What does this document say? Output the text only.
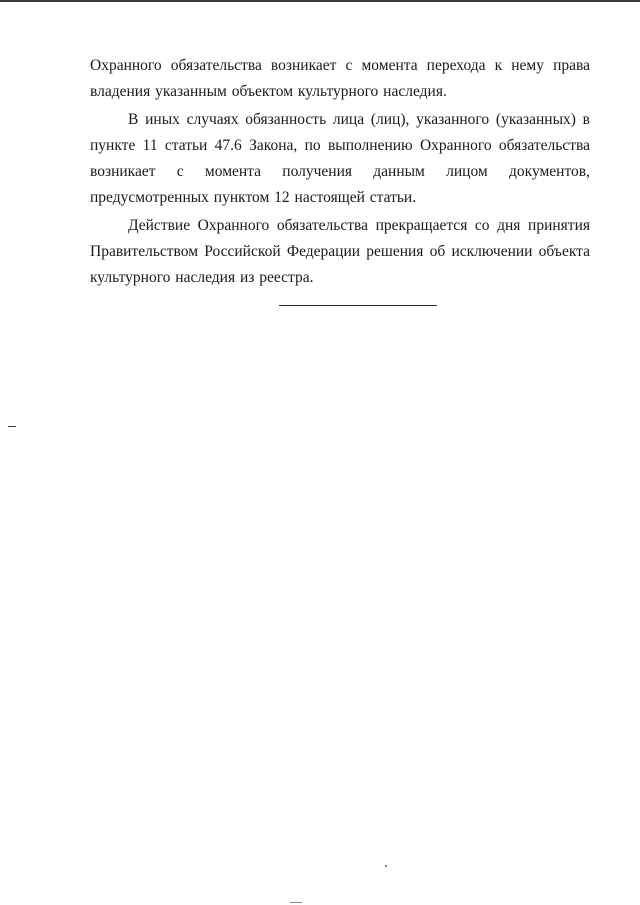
Охранного обязательства возникает с момента перехода к нему права владения указанным объектом культурного наследия.

В иных случаях обязанность лица (лиц), указанного (указанных) в пункте 11 статьи 47.6 Закона, по выполнению Охранного обязательства возникает с момента получения данным лицом документов, предусмотренных пунктом 12 настоящей статьи.

Действие Охранного обязательства прекращается со дня принятия Правительством Российской Федерации решения об исключении объекта культурного наследия из реестра.
